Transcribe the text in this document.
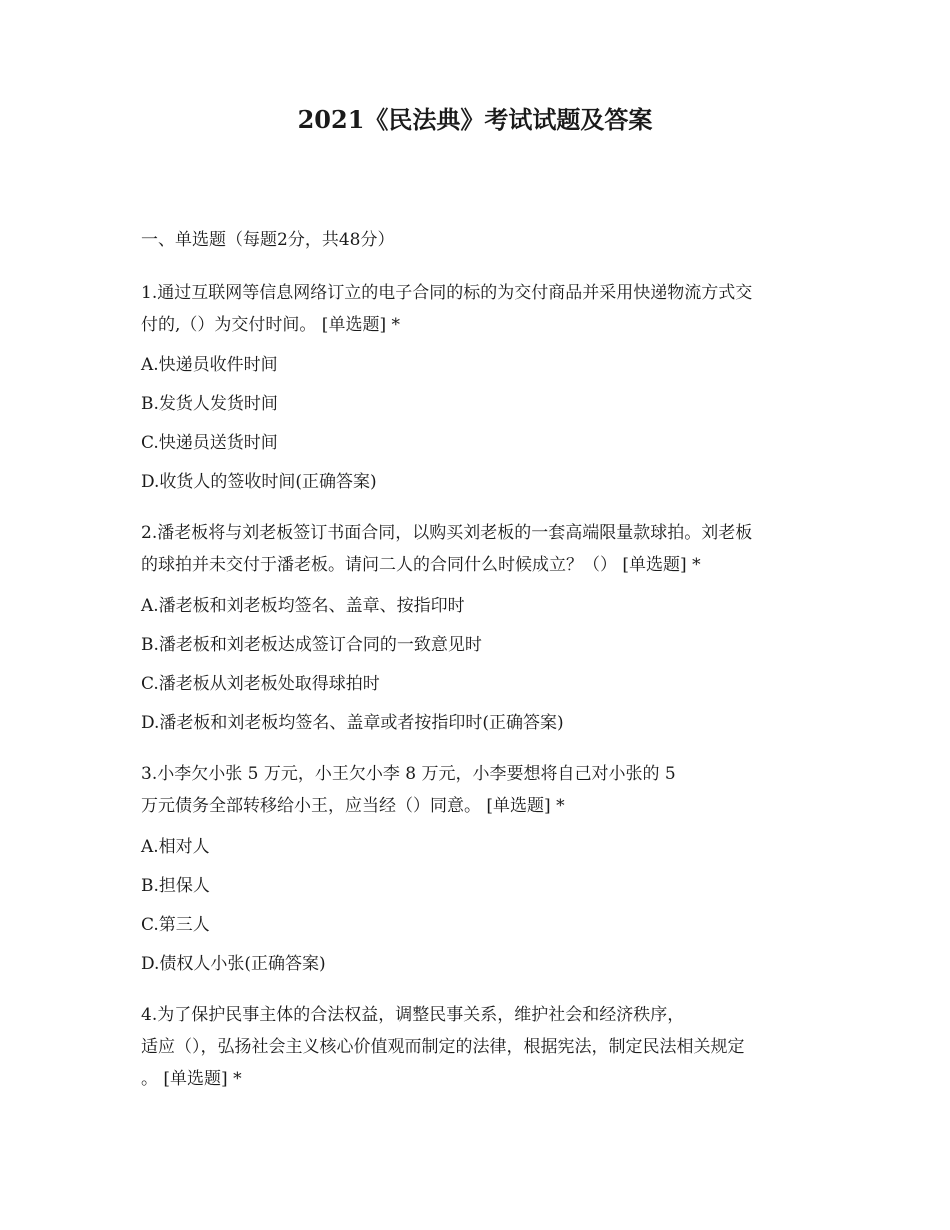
2021《民法典》考试试题及答案
一、单选题（每题2分，共48分）
1.通过互联网等信息网络订立的电子合同的标的为交付商品并采用快递物流方式交
付的,（）为交付时间。 [单选题] *
A.快递员收件时间
B.发货人发货时间
C.快递员送货时间
D.收货人的签收时间(正确答案)
2.潘老板将与刘老板签订书面合同，以购买刘老板的一套高端限量款球拍。刘老板
的球拍并未交付于潘老板。请问二人的合同什么时候成立？（） [单选题] *
A.潘老板和刘老板均签名、盖章、按指印时
B.潘老板和刘老板达成签订合同的一致意见时
C.潘老板从刘老板处取得球拍时
D.潘老板和刘老板均签名、盖章或者按指印时(正确答案)
3.小李欠小张 5 万元，小王欠小李 8 万元，小李要想将自己对小张的 5
万元债务全部转移给小王，应当经（）同意。 [单选题] *
A.相对人
B.担保人
C.第三人
D.债权人小张(正确答案)
4.为了保护民事主体的合法权益，调整民事关系，维护社会和经济秩序，
适应（），弘扬社会主义核心价值观而制定的法律，根据宪法，制定民法相关规定
。 [单选题] *
